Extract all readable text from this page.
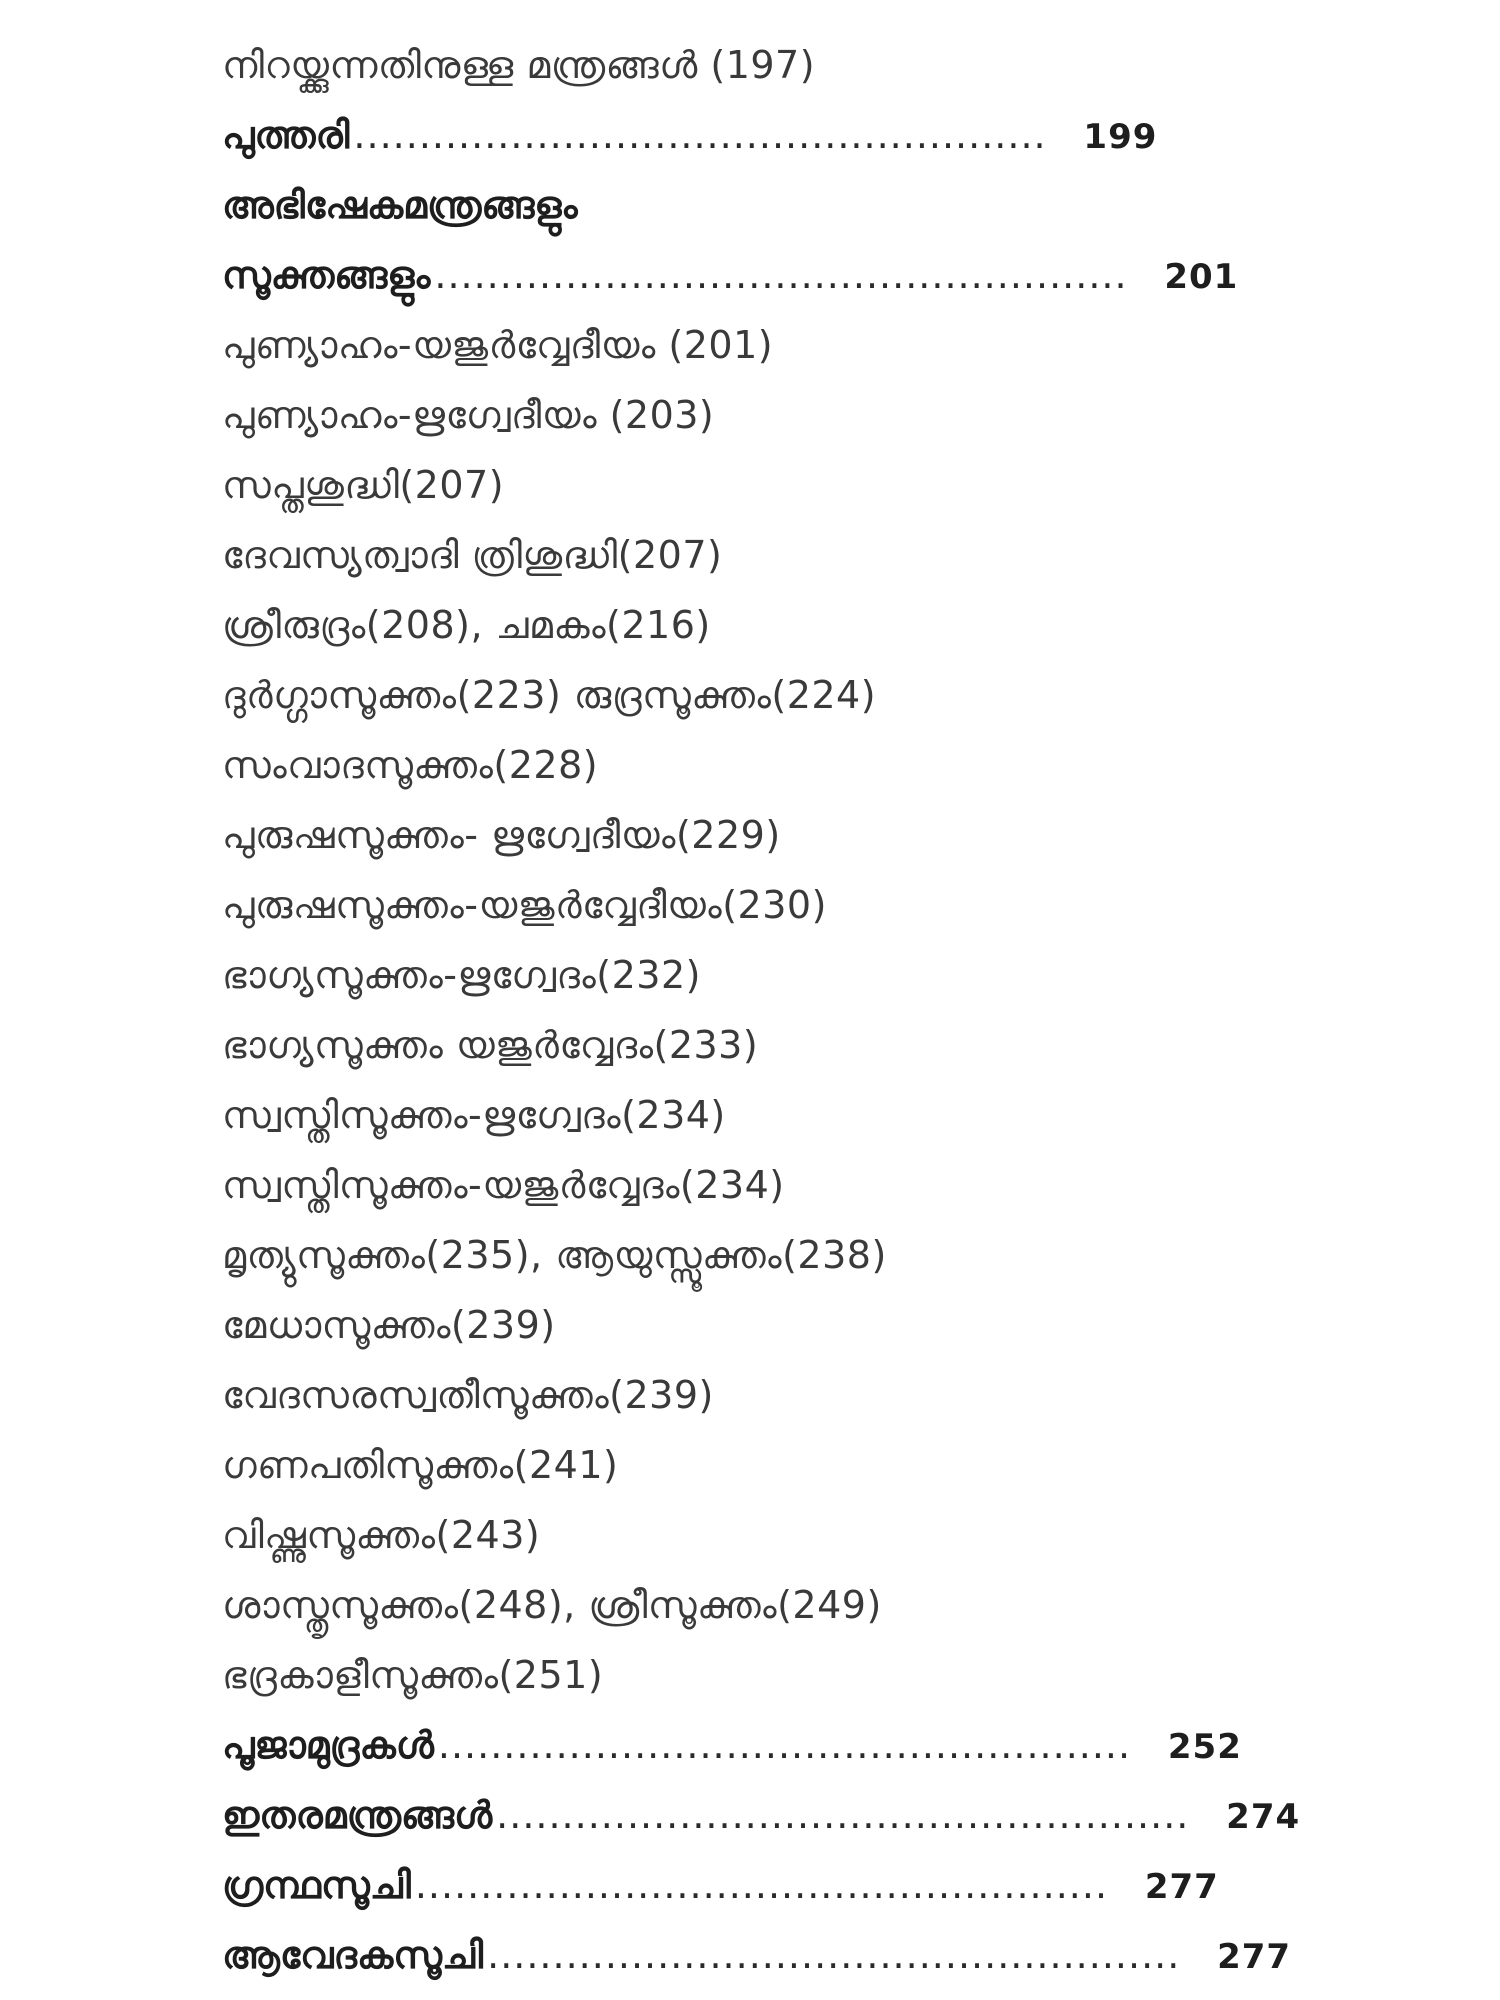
നിറയ്ക്കുന്നതിനുള്ള മന്ത്രങ്ങൾ (197)
പുത്തരി .....	199
അഭിഷേകമന്ത്രങ്ങളും
സൂക്തങ്ങളും .....	201
പുണ്യാഹം-യജുർവ്വേദീയം (201)
പുണ്യാഹം-ഋഗ്വേദീയം (203)
സപ്തശുദ്ധി(207)
ദേവസ്യത്വാദി ത്രിശുദ്ധി(207)
ശ്രീരുദ്രം(208), ചമകം(216)
ദുർഗ്ഗാസൂക്തം(223) രുദ്രസൂക്തം(224)
സംവാദസൂക്തം(228)
പുരുഷസൂക്തം- ഋഗ്വേദീയം(229)
പുരുഷസൂക്തം-യജുർവ്വേദീയം(230)
ഭാഗ്യസൂക്തം-ഋഗ്വേദം(232)
ഭാഗ്യസൂക്തം യജുർവ്വേദം(233)
സ്വസ്തിസൂക്തം-ഋഗ്വേദം(234)
സ്വസ്തിസൂക്തം-യജുർവ്വേദം(234)
മൃത്യുസൂക്തം(235), ആയുസ്സൂക്തം(238)
മേധാസൂക്തം(239)
വേദസരസ്വതീസൂക്തം(239)
ഗണപതിസൂക്തം(241)
വിഷ്ണുസൂക്തം(243)
ശാസ്തൃസൂക്തം(248), ശ്രീസൂക്തം(249)
ഭദ്രകാളീസൂക്തം(251)
പൂജാമുദ്രകൾ .....	252
ഇതരമന്ത്രങ്ങൾ .....	274
ഗ്രന്ഥസൂചി .....	277
ആവേദകസൂചി .....	277
